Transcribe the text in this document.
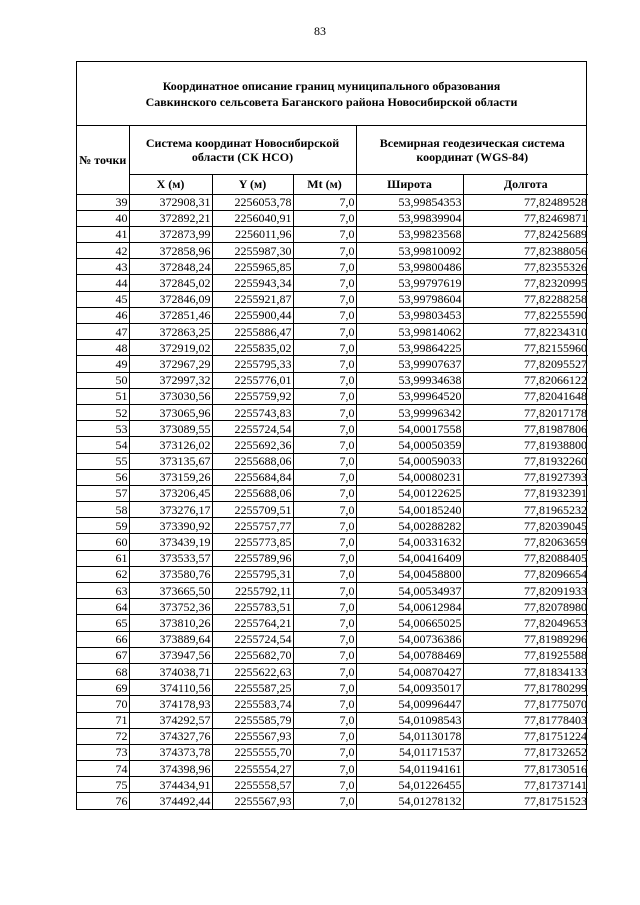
83
Координатное описание границ муниципального образования
Савкинского сельсовета Баганского района Новосибирской области
№ точки	Система координат Новосибирской области (СК НСО)			Всемирная геодезическая система координат (WGS-84)	
	X (м)	Y (м)	Mt (м)	Широта	Долгота
39	372908,31	2256053,78	7,0	53,99854353	77,82489528
40	372892,21	2256040,91	7,0	53,99839904	77,82469871
41	372873,99	2256011,96	7,0	53,99823568	77,82425689
42	372858,96	2255987,30	7,0	53,99810092	77,82388056
43	372848,24	2255965,85	7,0	53,99800486	77,82355326
44	372845,02	2255943,34	7,0	53,99797619	77,82320995
45	372846,09	2255921,87	7,0	53,99798604	77,82288258
46	372851,46	2255900,44	7,0	53,99803453	77,82255590
47	372863,25	2255886,47	7,0	53,99814062	77,82234310
48	372919,02	2255835,02	7,0	53,99864225	77,82155960
49	372967,29	2255795,33	7,0	53,99907637	77,82095527
50	372997,32	2255776,01	7,0	53,99934638	77,82066122
51	373030,56	2255759,92	7,0	53,99964520	77,82041648
52	373065,96	2255743,83	7,0	53,99996342	77,82017178
53	373089,55	2255724,54	7,0	54,00017558	77,81987806
54	373126,02	2255692,36	7,0	54,00050359	77,81938800
55	373135,67	2255688,06	7,0	54,00059033	77,81932260
56	373159,26	2255684,84	7,0	54,00080231	77,81927393
57	373206,45	2255688,06	7,0	54,00122625	77,81932391
58	373276,17	2255709,51	7,0	54,00185240	77,81965232
59	373390,92	2255757,77	7,0	54,00288282	77,82039045
60	373439,19	2255773,85	7,0	54,00331632	77,82063659
61	373533,57	2255789,96	7,0	54,00416409	77,82088405
62	373580,76	2255795,31	7,0	54,00458800	77,82096654
63	373665,50	2255792,11	7,0	54,00534937	77,82091933
64	373752,36	2255783,51	7,0	54,00612984	77,82078980
65	373810,26	2255764,21	7,0	54,00665025	77,82049653
66	373889,64	2255724,54	7,0	54,00736386	77,81989296
67	373947,56	2255682,70	7,0	54,00788469	77,81925588
68	374038,71	2255622,63	7,0	54,00870427	77,81834133
69	374110,56	2255587,25	7,0	54,00935017	77,81780299
70	374178,93	2255583,74	7,0	54,00996447	77,81775070
71	374292,57	2255585,79	7,0	54,01098543	77,81778403
72	374327,76	2255567,93	7,0	54,01130178	77,81751224
73	374373,78	2255555,70	7,0	54,01171537	77,81732652
74	374398,96	2255554,27	7,0	54,01194161	77,81730516
75	374434,91	2255558,57	7,0	54,01226455	77,81737141
76	374492,44	2255567,93	7,0	54,01278132	77,81751523
